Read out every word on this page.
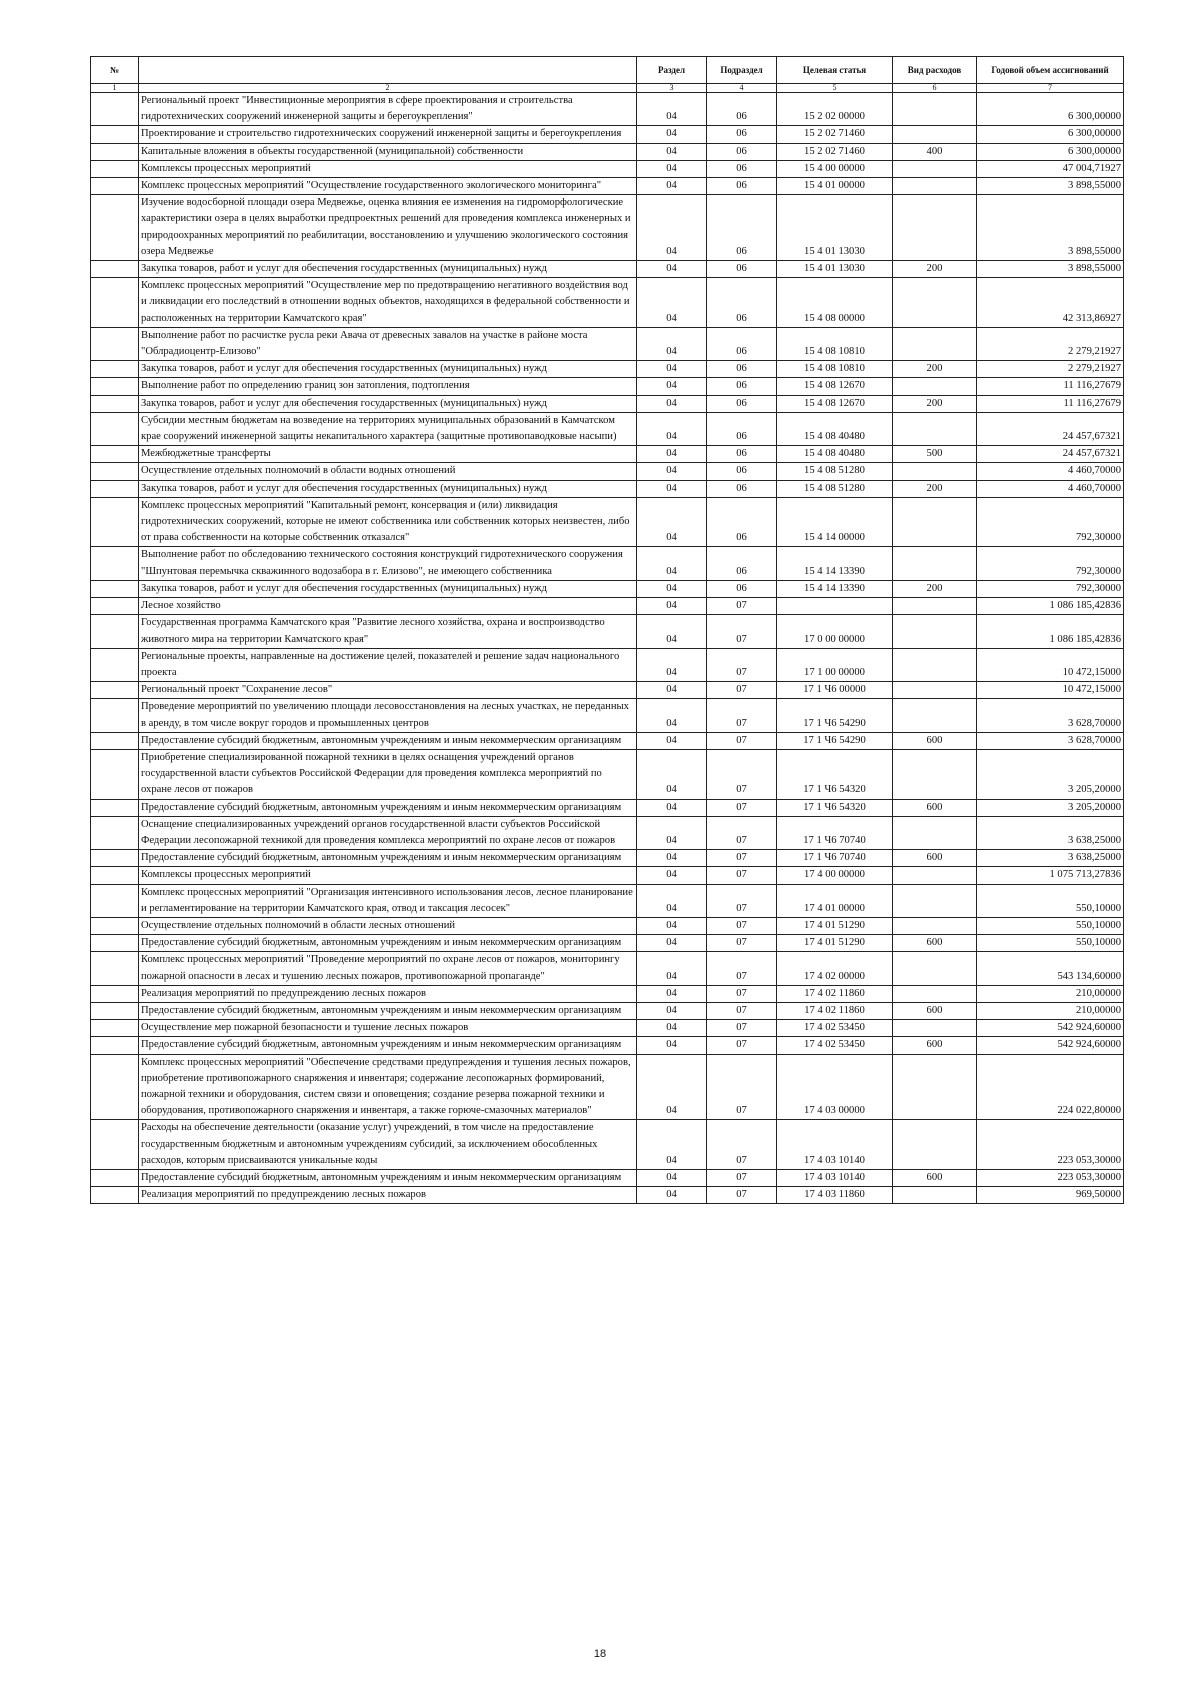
№		Раздел	Подраздел	Целевая статья	Вид расходов	Годовой объем ассигнований
1	2	3	4	5	6	7
	Региональный проект "Инвестиционные мероприятия в сфере проектирования и строительства гидротехнических сооружений инженерной защиты и берегоукрепления"	04	06	15 2 02 00000		6 300,00000
	Проектирование и строительство гидротехнических сооружений инженерной защиты и берегоукрепления	04	06	15 2 02 71460		6 300,00000
	Капитальные вложения в объекты государственной (муниципальной) собственности	04	06	15 2 02 71460	400	6 300,00000
	Комплексы процессных мероприятий	04	06	15 4 00 00000		47 004,71927
	Комплекс процессных мероприятий "Осуществление государственного экологического мониторинга"	04	06	15 4 01 00000		3 898,55000
	Изучение водосборной площади озера Медвежье, оценка влияния ее изменения на гидроморфологические характеристики озера в целях выработки предпроектных решений для проведения комплекса инженерных и природоохранных мероприятий по реабилитации, восстановлению и улучшению экологического состояния озера Медвежье	04	06	15 4 01 13030		3 898,55000
	Закупка товаров, работ и услуг для обеспечения государственных (муниципальных) нужд	04	06	15 4 01 13030	200	3 898,55000
	Комплекс процессных мероприятий "Осуществление мер по предотвращению негативного воздействия вод и ликвидации его последствий в отношении водных объектов, находящихся в федеральной собственности и расположенных на территории Камчатского края"	04	06	15 4 08 00000		42 313,86927
	Выполнение работ по расчистке русла реки Авача от древесных завалов на участке в районе моста "Облрадиоцентр-Елизово"	04	06	15 4 08 10810		2 279,21927
	Закупка товаров, работ и услуг для обеспечения государственных (муниципальных) нужд	04	06	15 4 08 10810	200	2 279,21927
	Выполнение работ по определению границ зон затопления, подтопления	04	06	15 4 08 12670		11 116,27679
	Закупка товаров, работ и услуг для обеспечения государственных (муниципальных) нужд	04	06	15 4 08 12670	200	11 116,27679
	Субсидии местным бюджетам на возведение на территориях муниципальных образований в Камчатском крае сооружений инженерной защиты некапитального характера (защитные противопаводковые насыпи)	04	06	15 4 08 40480		24 457,67321
	Межбюджетные трансферты	04	06	15 4 08 40480	500	24 457,67321
	Осуществление отдельных полномочий в области водных отношений	04	06	15 4 08 51280		4 460,70000
	Закупка товаров, работ и услуг для обеспечения государственных (муниципальных) нужд	04	06	15 4 08 51280	200	4 460,70000
	Комплекс процессных мероприятий "Капитальный ремонт, консервация и (или) ликвидация гидротехнических сооружений, которые не имеют собственника или собственник которых неизвестен, либо от права собственности на которые собственник отказался"	04	06	15 4 14 00000		792,30000
	Выполнение работ по обследованию технического состояния конструкций гидротехнического сооружения "Шпунтовая перемычка скважинного водозабора в г. Елизово", не имеющего собственника	04	06	15 4 14 13390		792,30000
	Закупка товаров, работ и услуг для обеспечения государственных (муниципальных) нужд	04	06	15 4 14 13390	200	792,30000
	Лесное хозяйство	04	07			1 086 185,42836
	Государственная программа Камчатского края "Развитие лесного хозяйства, охрана и воспроизводство животного мира на территории Камчатского края"	04	07	17 0 00 00000		1 086 185,42836
	Региональные проекты, направленные на достижение целей, показателей и решение задач национального проекта	04	07	17 1 00 00000		10 472,15000
	Региональный проект "Сохранение лесов"	04	07	17 1 Ч6 00000		10 472,15000
	Проведение мероприятий по увеличению площади лесовосстановления на лесных участках, не переданных в аренду, в том числе вокруг городов и промышленных центров	04	07	17 1 Ч6 54290		3 628,70000
	Предоставление субсидий бюджетным, автономным учреждениям и иным некоммерческим организациям	04	07	17 1 Ч6 54290	600	3 628,70000
	Приобретение специализированной пожарной техники в целях оснащения учреждений органов государственной власти субъектов Российской Федерации для проведения комплекса мероприятий по охране лесов от пожаров	04	07	17 1 Ч6 54320		3 205,20000
	Предоставление субсидий бюджетным, автономным учреждениям и иным некоммерческим организациям	04	07	17 1 Ч6 54320	600	3 205,20000
	Оснащение специализированных учреждений органов государственной власти субъектов Российской Федерации лесопожарной техникой для проведения комплекса мероприятий по охране лесов от пожаров	04	07	17 1 Ч6 70740		3 638,25000
	Предоставление субсидий бюджетным, автономным учреждениям и иным некоммерческим организациям	04	07	17 1 Ч6 70740	600	3 638,25000
	Комплексы процессных мероприятий	04	07	17 4 00 00000		1 075 713,27836
	Комплекс процессных мероприятий "Организация интенсивного использования лесов, лесное планирование и регламентирование на территории Камчатского края, отвод и таксация лесосек"	04	07	17 4 01 00000		550,10000
	Осуществление отдельных полномочий в области лесных отношений	04	07	17 4 01 51290		550,10000
	Предоставление субсидий бюджетным, автономным учреждениям и иным некоммерческим организациям	04	07	17 4 01 51290	600	550,10000
	Комплекс процессных мероприятий "Проведение мероприятий по охране лесов от пожаров, мониторингу пожарной опасности в лесах и тушению лесных пожаров, противопожарной пропаганде"	04	07	17 4 02 00000		543 134,60000
	Реализация мероприятий по предупреждению лесных пожаров	04	07	17 4 02 11860		210,00000
	Предоставление субсидий бюджетным, автономным учреждениям и иным некоммерческим организациям	04	07	17 4 02 11860	600	210,00000
	Осуществление мер пожарной безопасности и тушение лесных пожаров	04	07	17 4 02 53450		542 924,60000
	Предоставление субсидий бюджетным, автономным учреждениям и иным некоммерческим организациям	04	07	17 4 02 53450	600	542 924,60000
	Комплекс процессных мероприятий "Обеспечение средствами предупреждения и тушения лесных пожаров, приобретение противопожарного снаряжения и инвентаря; содержание лесопожарных формирований, пожарной техники и оборудования, систем связи и оповещения; создание резерва пожарной техники и оборудования, противопожарного снаряжения и инвентаря, а также горюче-смазочных материалов"	04	07	17 4 03 00000		224 022,80000
	Расходы на обеспечение деятельности (оказание услуг) учреждений, в том числе на предоставление государственным бюджетным и автономным учреждениям субсидий, за исключением обособленных расходов, которым присваиваются уникальные коды	04	07	17 4 03 10140		223 053,30000
	Предоставление субсидий бюджетным, автономным учреждениям и иным некоммерческим организациям	04	07	17 4 03 10140	600	223 053,30000
	Реализация мероприятий по предупреждению лесных пожаров	04	07	17 4 03 11860		969,50000
18
